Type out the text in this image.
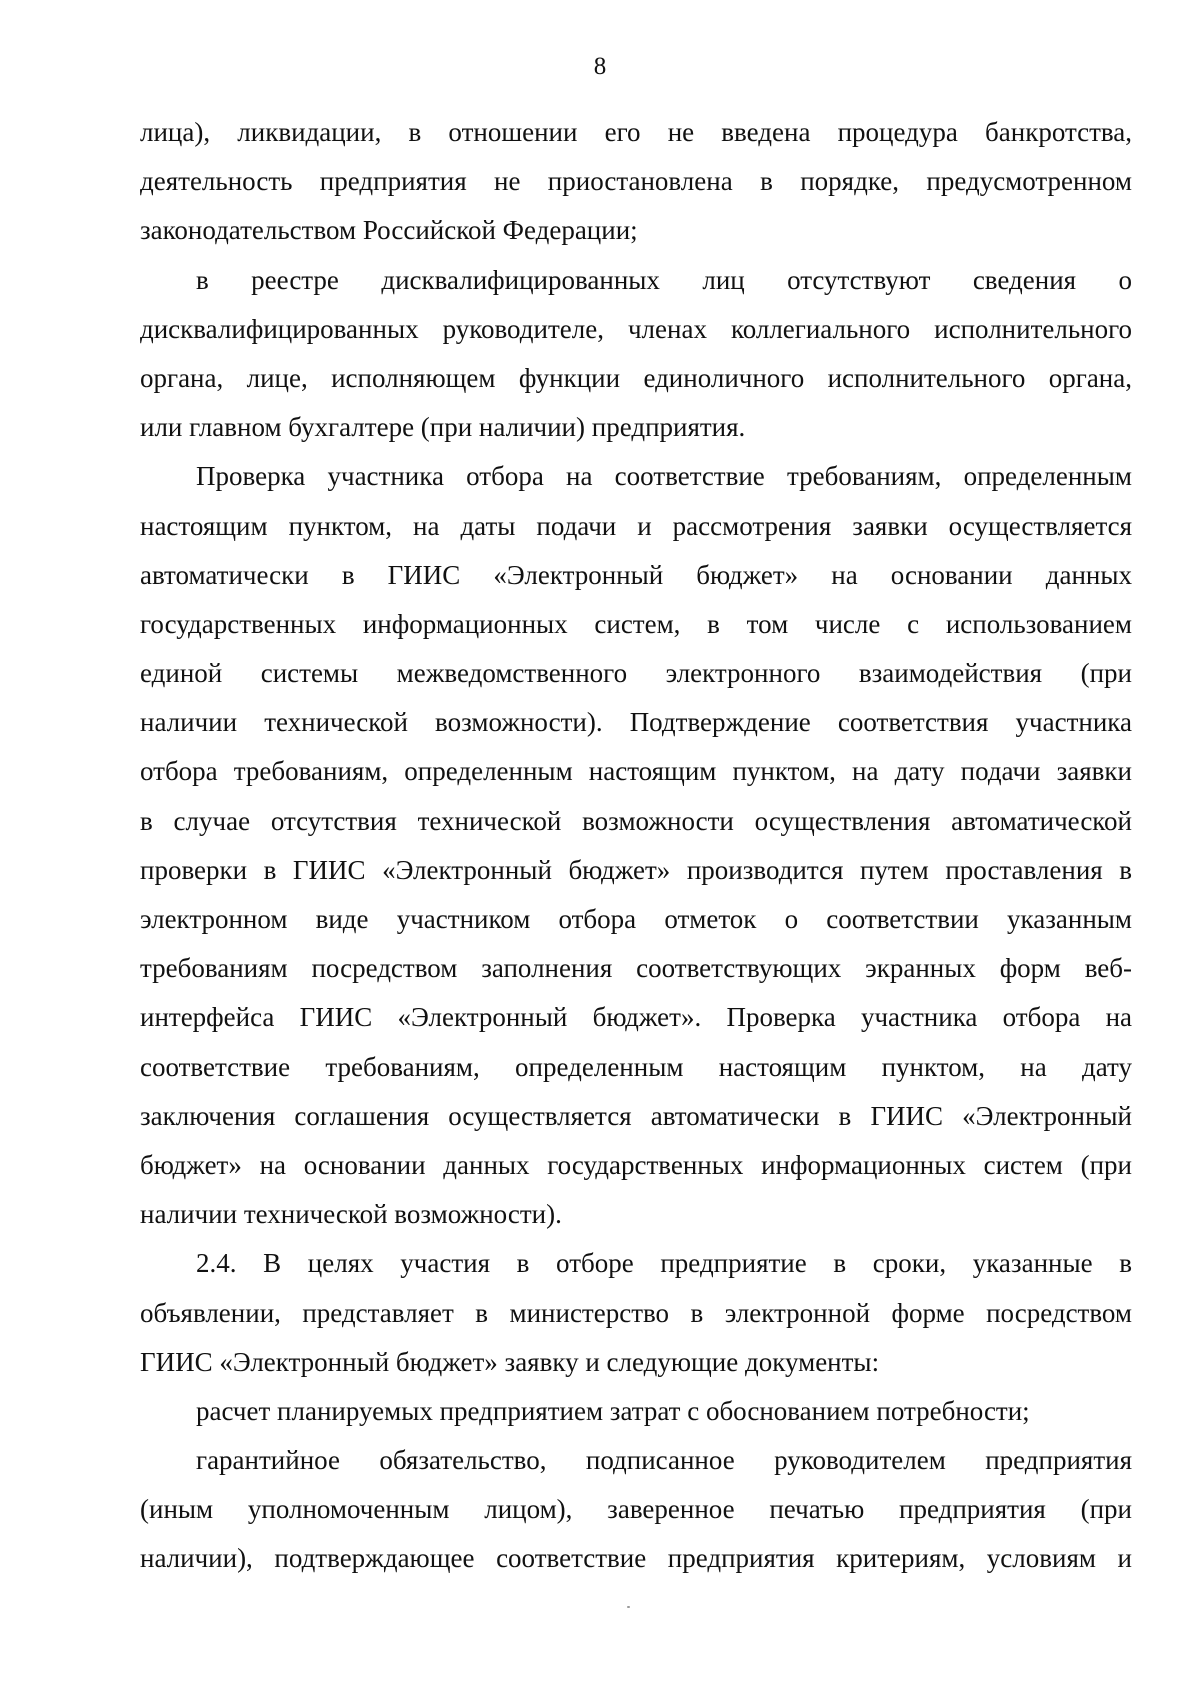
8
лица), ликвидации, в отношении его не введена процедура банкротства,
деятельность предприятия не приостановлена в порядке, предусмотренном
законодательством Российской Федерации;
в реестре дисквалифицированных лиц отсутствуют сведения о
дисквалифицированных руководителе, членах коллегиального исполнительного
органа, лице, исполняющем функции единоличного исполнительного органа,
или главном бухгалтере (при наличии) предприятия.
Проверка участника отбора на соответствие требованиям, определенным
настоящим пунктом, на даты подачи и рассмотрения заявки осуществляется
автоматически в ГИИС «Электронный бюджет» на основании данных
государственных информационных систем, в том числе с использованием
единой системы межведомственного электронного взаимодействия (при
наличии технической возможности). Подтверждение соответствия участника
отбора требованиям, определенным настоящим пунктом, на дату подачи заявки
в случае отсутствия технической возможности осуществления автоматической
проверки в ГИИС «Электронный бюджет» производится путем проставления в
электронном виде участником отбора отметок о соответствии указанным
требованиям посредством заполнения соответствующих экранных форм веб-
интерфейса ГИИС «Электронный бюджет». Проверка участника отбора на
соответствие требованиям, определенным настоящим пунктом, на дату
заключения соглашения осуществляется автоматически в ГИИС «Электронный
бюджет» на основании данных государственных информационных систем (при
наличии технической возможности).
2.4. В целях участия в отборе предприятие в сроки, указанные в
объявлении, представляет в министерство в электронной форме посредством
ГИИС «Электронный бюджет» заявку и следующие документы:
расчет планируемых предприятием затрат с обоснованием потребности;
гарантийное обязательство, подписанное руководителем предприятия
(иным уполномоченным лицом), заверенное печатью предприятия (при
наличии), подтверждающее соответствие предприятия критериям, условиям и
